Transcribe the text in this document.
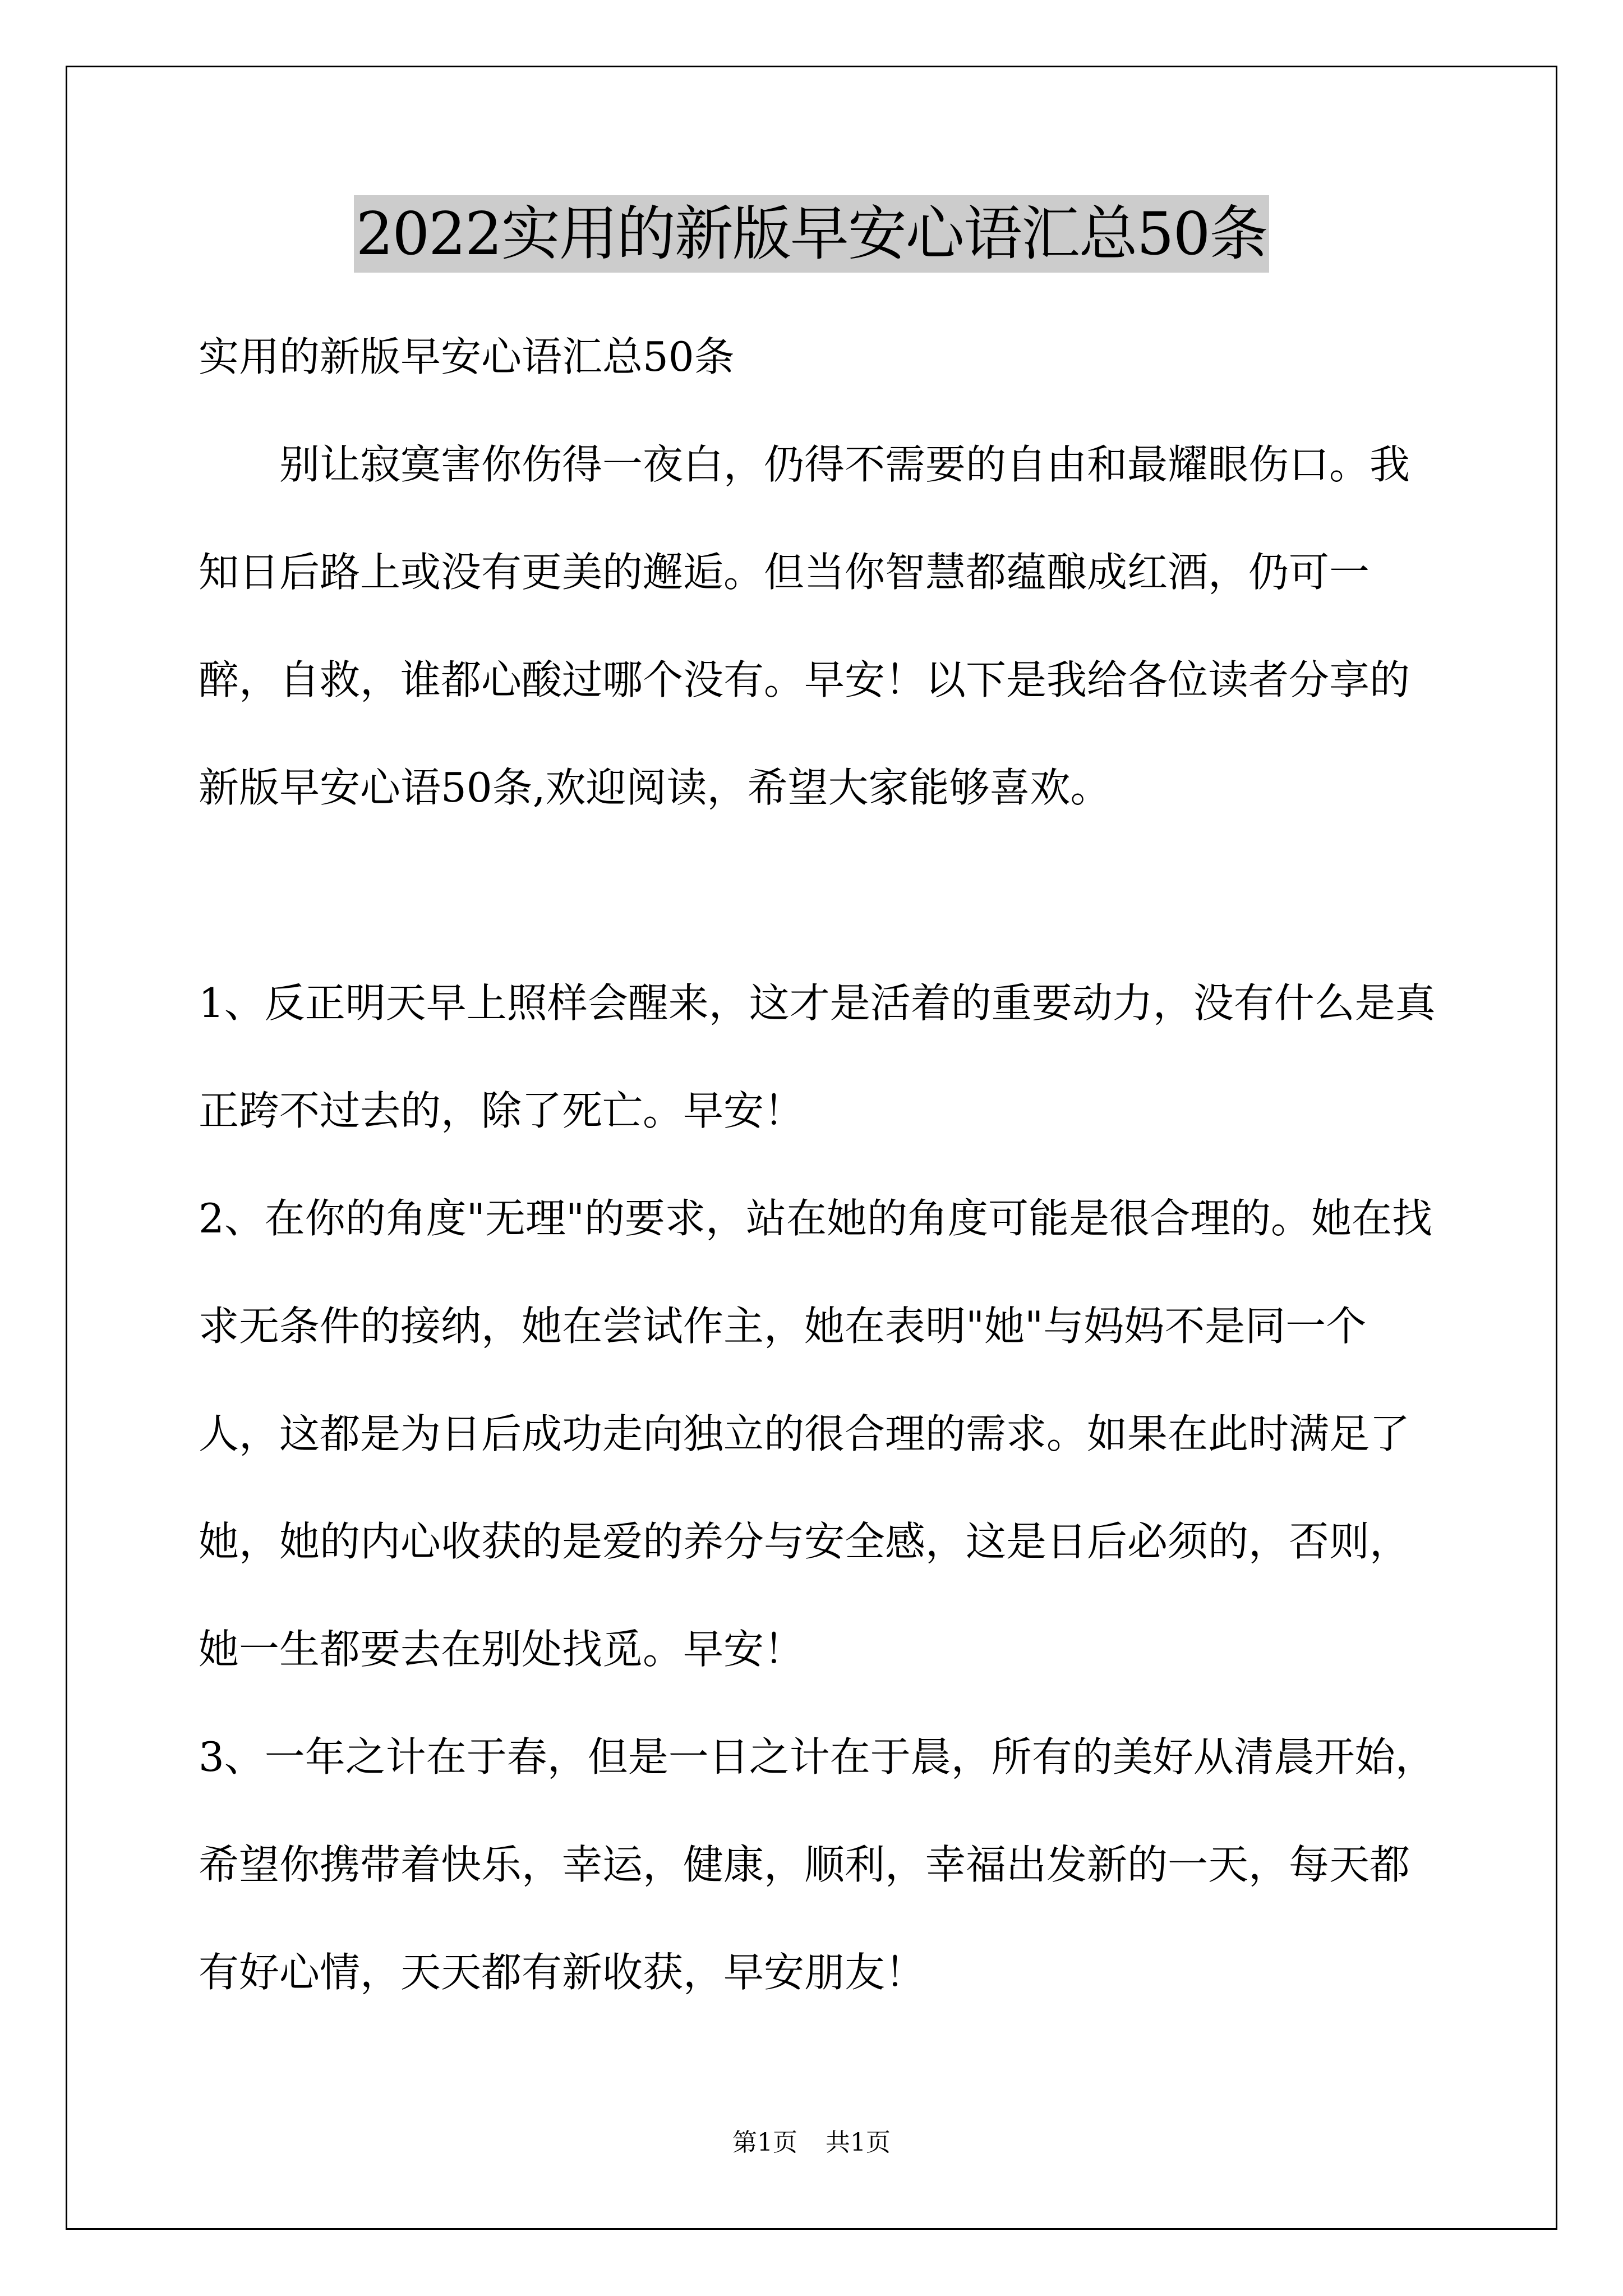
2022实用的新版早安心语汇总50条

实用的新版早安心语汇总50条

别让寂寞害你伤得一夜白，仍得不需要的自由和最耀眼伤口。我知日后路上或没有更美的邂逅。但当你智慧都蕴酿成红酒，仍可一醉，自救，谁都心酸过哪个没有。早安！以下是我给各位读者分享的新版早安心语50条,欢迎阅读，希望大家能够喜欢。

1、反正明天早上照样会醒来，这才是活着的重要动力，没有什么是真正跨不过去的，除了死亡。早安！

2、在你的角度"无理"的要求，站在她的角度可能是很合理的。她在找求无条件的接纳，她在尝试作主，她在表明"她"与妈妈不是同一个人，这都是为日后成功走向独立的很合理的需求。如果在此时满足了她，她的内心收获的是爱的养分与安全感，这是日后必须的，否则，她一生都要去在别处找觅。早安！

3、一年之计在于春，但是一日之计在于晨，所有的美好从清晨开始，希望你携带着快乐，幸运，健康，顺利，幸福出发新的一天，每天都有好心情，天天都有新收获，早安朋友！

第1页 共1页
